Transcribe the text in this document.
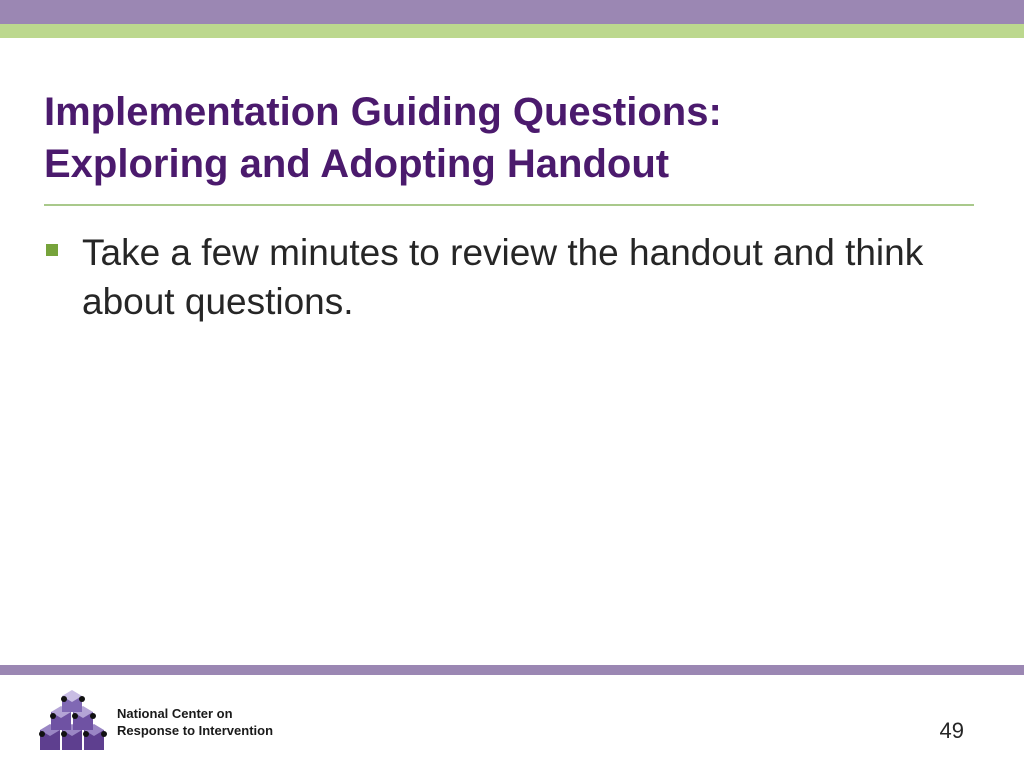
Implementation Guiding Questions:
Exploring and Adopting Handout
Take a few minutes to review the handout and think about questions.
National Center on
Response to Intervention	49
